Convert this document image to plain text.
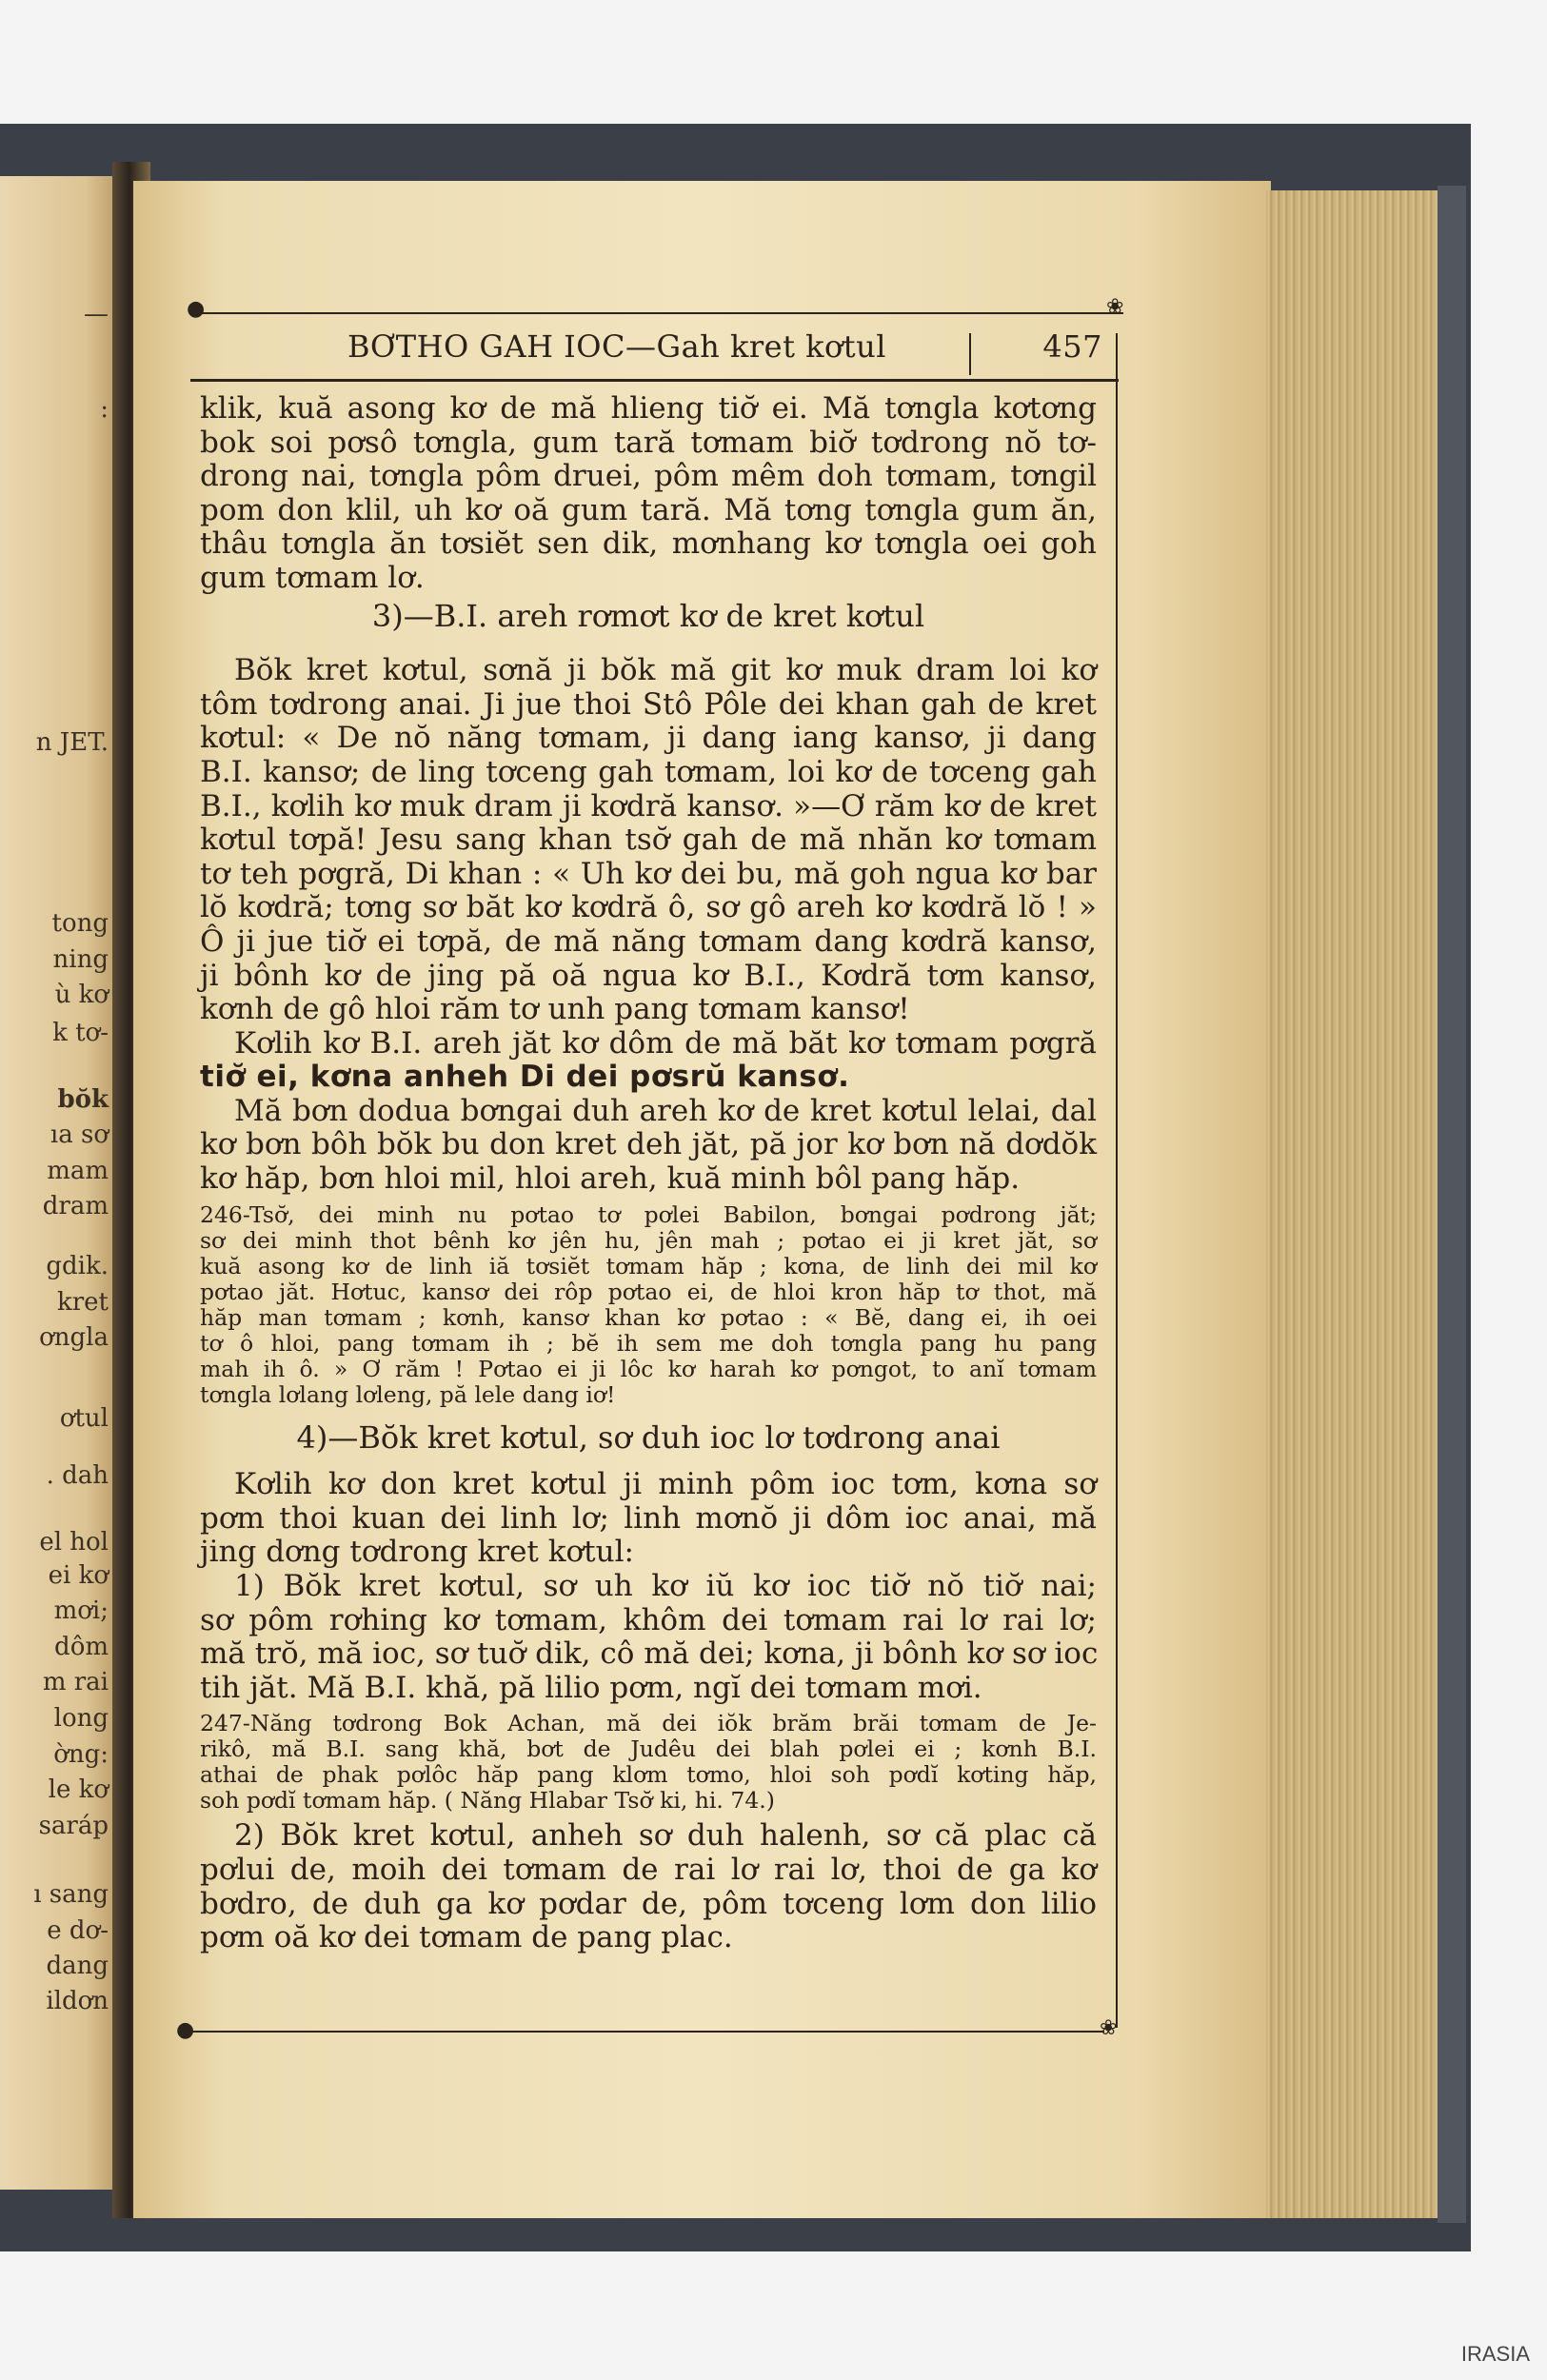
—
:
n JET.
tong
ning
ù kơ
k tơ-
bŏk
ıa sơ
mam
dram
gdik.
kret
ơngla
ơtul
. dah
el hol
ei kơ
mơi;
dôm
m rai
long
ờng:
le kơ
saráp
ı sang
e dơ-
dang
ildơn
●	❀
●	❀
BƠTHO GAH IOC—Gah kret kơtul	457
klik, kuă asong kơ de mă hlieng tiơ̆ ei. Mă tơngla kơtơng
bok soi pơsô tơngla, gum tară tơmam biơ̆ tơdrong nŏ tơ-
drong nai, tơngla pôm druei, pôm mêm doh tơmam, tơngil
pom don klil, uh kơ oă gum tară. Mă tơng tơngla gum ăn,
thâu tơngla ăn tơsiĕt sen dik, mơnhang kơ tơngla oei goh
gum tơmam lơ.
3)—B.I. areh rơmơt kơ de kret kơtul
Bŏk kret kơtul, sơnă ji bŏk mă git kơ muk dram loi kơ
tôm tơdrong anai. Ji jue thoi Stô Pôle dei khan gah de kret
kơtul: « De nŏ năng tơmam, ji dang iang kansơ, ji dang
B.I. kansơ; de ling tơceng gah tơmam, loi kơ de tơceng gah
B.I., kơlih kơ muk dram ji kơdră kansơ. »—Ơ răm kơ de kret
kơtul tơpă! Jesu sang khan tsơ̆ gah de mă nhăn kơ tơmam
tơ teh pơgră, Di khan : « Uh kơ dei bu, mă goh ngua kơ bar
lŏ kơdră; tơng sơ băt kơ kơdră ô, sơ gô areh kơ kơdră lŏ ! »
Ô ji jue tiơ̆ ei tơpă, de mă năng tơmam dang kơdră kansơ,
ji bônh kơ de jing pă oă ngua kơ B.I., Kơdră tơm kansơ,
kơnh de gô hloi răm tơ unh pang tơmam kansơ!
Kơlih kơ B.I. areh jăt kơ dôm de mă băt kơ tơmam pơgră
tiơ̆ ei, kơna anheh Di dei pơsrŭ kansơ.
Mă bơn dodua bơngai duh areh kơ de kret kơtul lelai, dal
kơ bơn bôh bŏk bu don kret deh jăt, pă jor kơ bơn nă dơdŏk
kơ hăp, bơn hloi mil, hloi areh, kuă minh bôl pang hăp.
246-Tsơ̆, dei minh nu pơtao tơ pơlei Babilon, bơngai pơdrong jăt;
sơ dei minh thot bênh kơ jên hu, jên mah ; pơtao ei ji kret jăt, sơ
kuă asong kơ de linh iă tơsiĕt tơmam hăp ; kơna, de linh dei mil kơ
pơtao jăt. Hơtuc, kansơ dei rôp pơtao ei, de hloi kron hăp tơ thot, mă
hăp man tơmam ; kơnh, kansơ khan kơ pơtao : « Bĕ, dang ei, ih oei
tơ ô hloi, pang tơmam ih ; bĕ ih sem me doh tơngla pang hu pang
mah ih ô. » Ơ răm ! Pơtao ei ji lôc kơ harah kơ pơngot, to anĭ tơmam
tơngla lơlang lơleng, pă lele dang iơ!
4)—Bŏk kret kơtul, sơ duh ioc lơ tơdrong anai
Kơlih kơ don kret kơtul ji minh pôm ioc tơm, kơna sơ
pơm thoi kuan dei linh lơ; linh mơnŏ ji dôm ioc anai, mă
jing dơng tơdrong kret kơtul:
1) Bŏk kret kơtul, sơ uh kơ iŭ kơ ioc tiơ̆ nŏ tiơ̆ nai;
sơ pôm rơhing kơ tơmam, khôm dei tơmam rai lơ rai lơ;
mă trŏ, mă ioc, sơ tuơ̆ dik, cô mă dei; kơna, ji bônh kơ sơ ioc
tih jăt. Mă B.I. khă, pă lilio pơm, ngĭ dei tơmam mơi.
247-Năng tơdrong Bok Achan, mă dei iŏk brăm brăi tơmam de Je-
rikô, mă B.I. sang khă, bơt de Judêu dei blah pơlei ei ; kơnh B.I.
athai de phak pơlôc hăp pang klơm tơmo, hloi soh pơdĭ kơting hăp,
soh pơdĭ tơmam hăp. ( Năng Hlabar Tsơ̆ ki, hi. 74.)
2) Bŏk kret kơtul, anheh sơ duh halenh, sơ că plac că
pơlui de, moih dei tơmam de rai lơ rai lơ, thoi de ga kơ
bơdro, de duh ga kơ pơdar de, pôm tơceng lơm don lilio
pơm oă kơ dei tơmam de pang plac.
IRASIA
